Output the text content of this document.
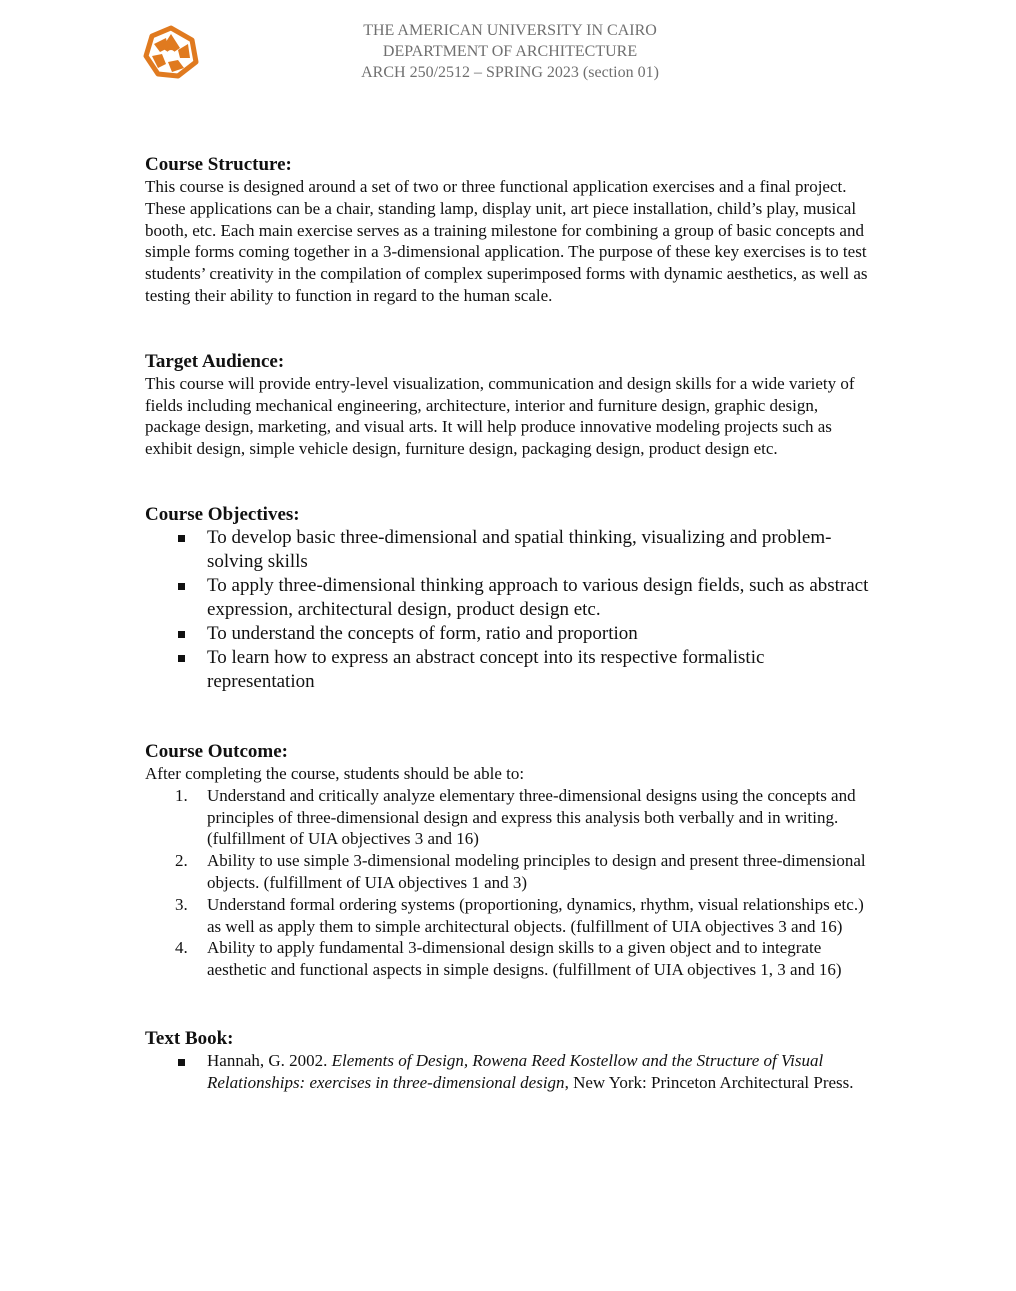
THE AMERICAN UNIVERSITY IN CAIRO
DEPARTMENT OF ARCHITECTURE
ARCH 250/2512 – SPRING 2023 (section 01)

Course Structure:

This course is designed around a set of two or three functional application exercises and a final project. These applications can be a chair, standing lamp, display unit, art piece installation, child’s play, musical booth, etc. Each main exercise serves as a training milestone for combining a group of basic concepts and simple forms coming together in a 3-dimensional application. The purpose of these key exercises is to test students’ creativity in the compilation of complex superimposed forms with dynamic aesthetics, as well as testing their ability to function in regard to the human scale.

Target Audience:

This course will provide entry-level visualization, communication and design skills for a wide variety of fields including mechanical engineering, architecture, interior and furniture design, graphic design, package design, marketing, and visual arts. It will help produce innovative modeling projects such as exhibit design, simple vehicle design, furniture design, packaging design, product design etc.

Course Objectives:

To develop basic three-dimensional and spatial thinking, visualizing and problem-solving skills
To apply three-dimensional thinking approach to various design fields, such as abstract expression, architectural design, product design etc.
To understand the concepts of form, ratio and proportion
To learn how to express an abstract concept into its respective formalistic representation

Course Outcome:

After completing the course, students should be able to:

1. Understand and critically analyze elementary three-dimensional designs using the concepts and principles of three-dimensional design and express this analysis both verbally and in writing. (fulfillment of UIA objectives 3 and 16)
2. Ability to use simple 3-dimensional modeling principles to design and present three-dimensional objects. (fulfillment of UIA objectives 1 and 3)
3. Understand formal ordering systems (proportioning, dynamics, rhythm, visual relationships etc.) as well as apply them to simple architectural objects. (fulfillment of UIA objectives 3 and 16)
4. Ability to apply fundamental 3-dimensional design skills to a given object and to integrate aesthetic and functional aspects in simple designs. (fulfillment of UIA objectives 1, 3 and 16)

Text Book:

Hannah, G. 2002. Elements of Design, Rowena Reed Kostellow and the Structure of Visual Relationships: exercises in three-dimensional design, New York: Princeton Architectural Press.
